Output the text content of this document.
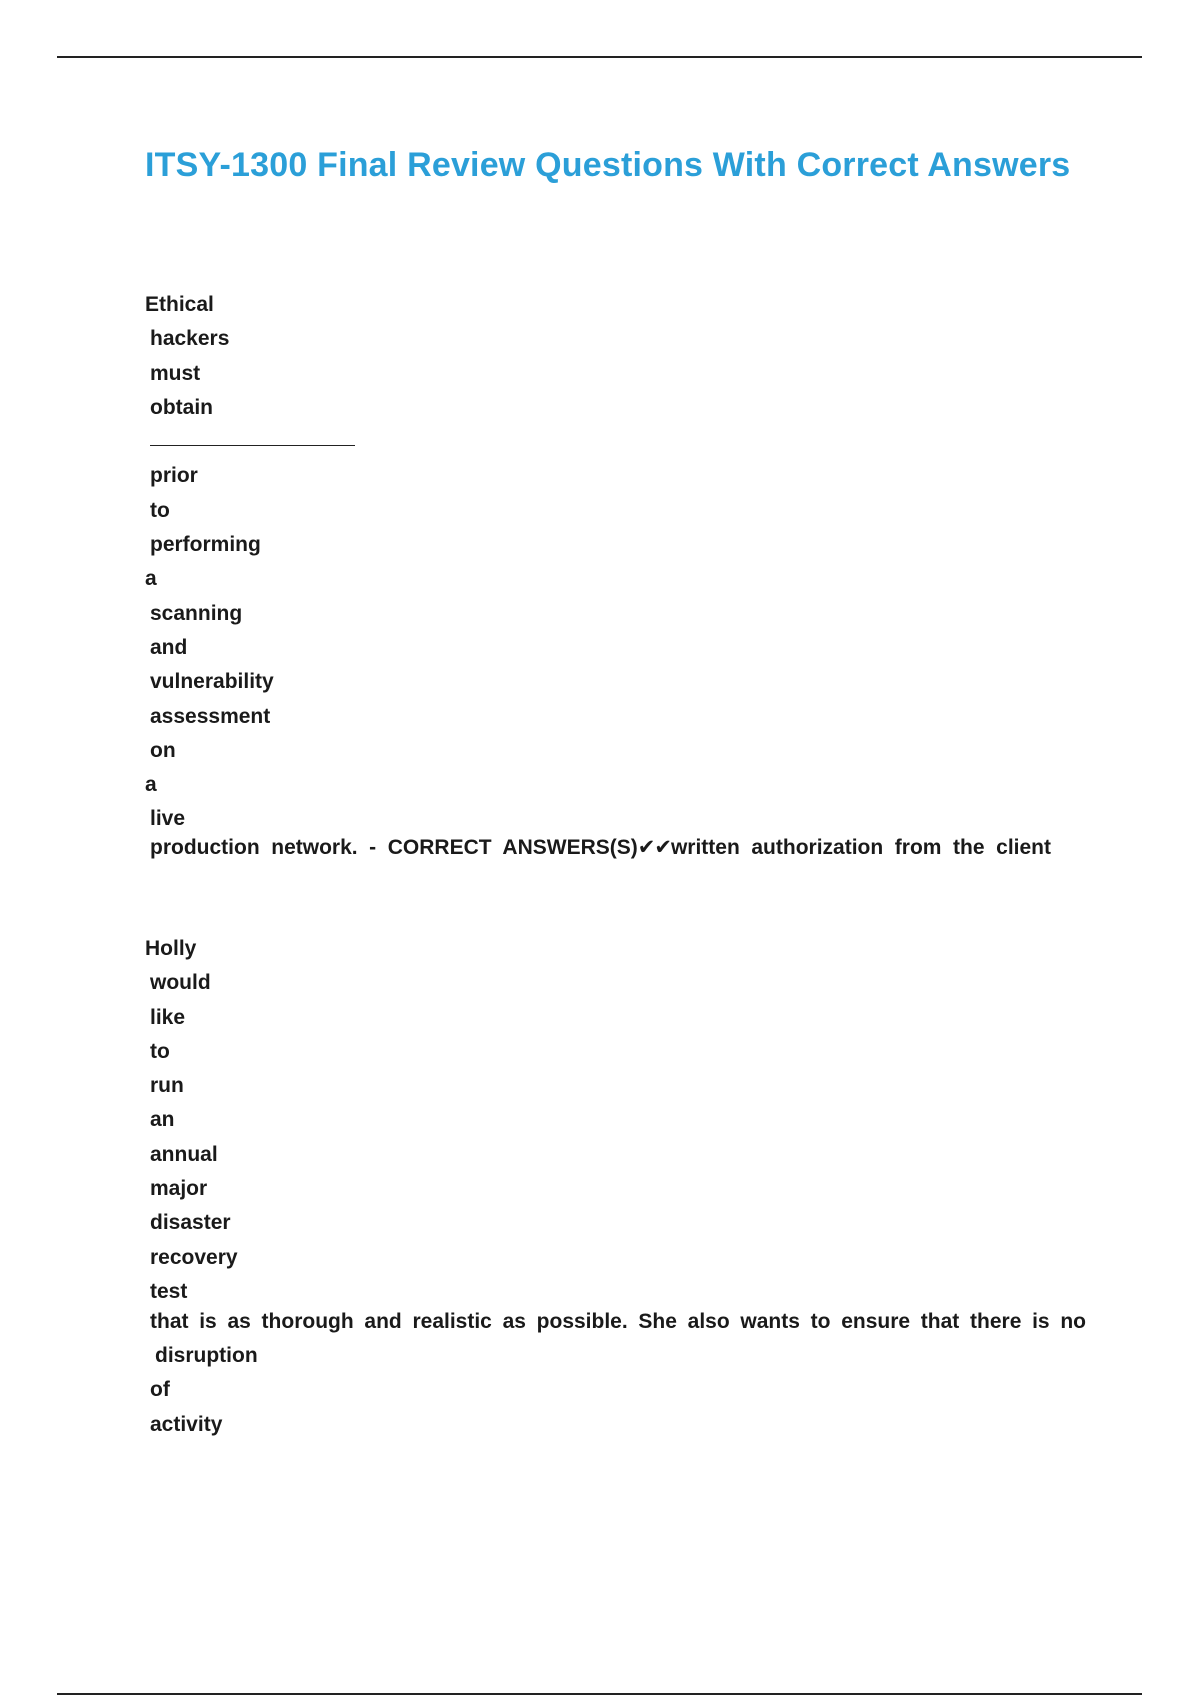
ITSY-1300 Final Review Questions With Correct Answers
Ethical
hackers
must
obtain
prior
to
performing
a
scanning
and
vulnerability
assessment
on
a
live
production network. - CORRECT ANSWERS(S)✔✔written authorization from the client
Holly
would
like
to
run
an
annual
major
disaster
recovery
test
that is as thorough and realistic as possible. She also wants to ensure that there is no
disruption
of
activity
